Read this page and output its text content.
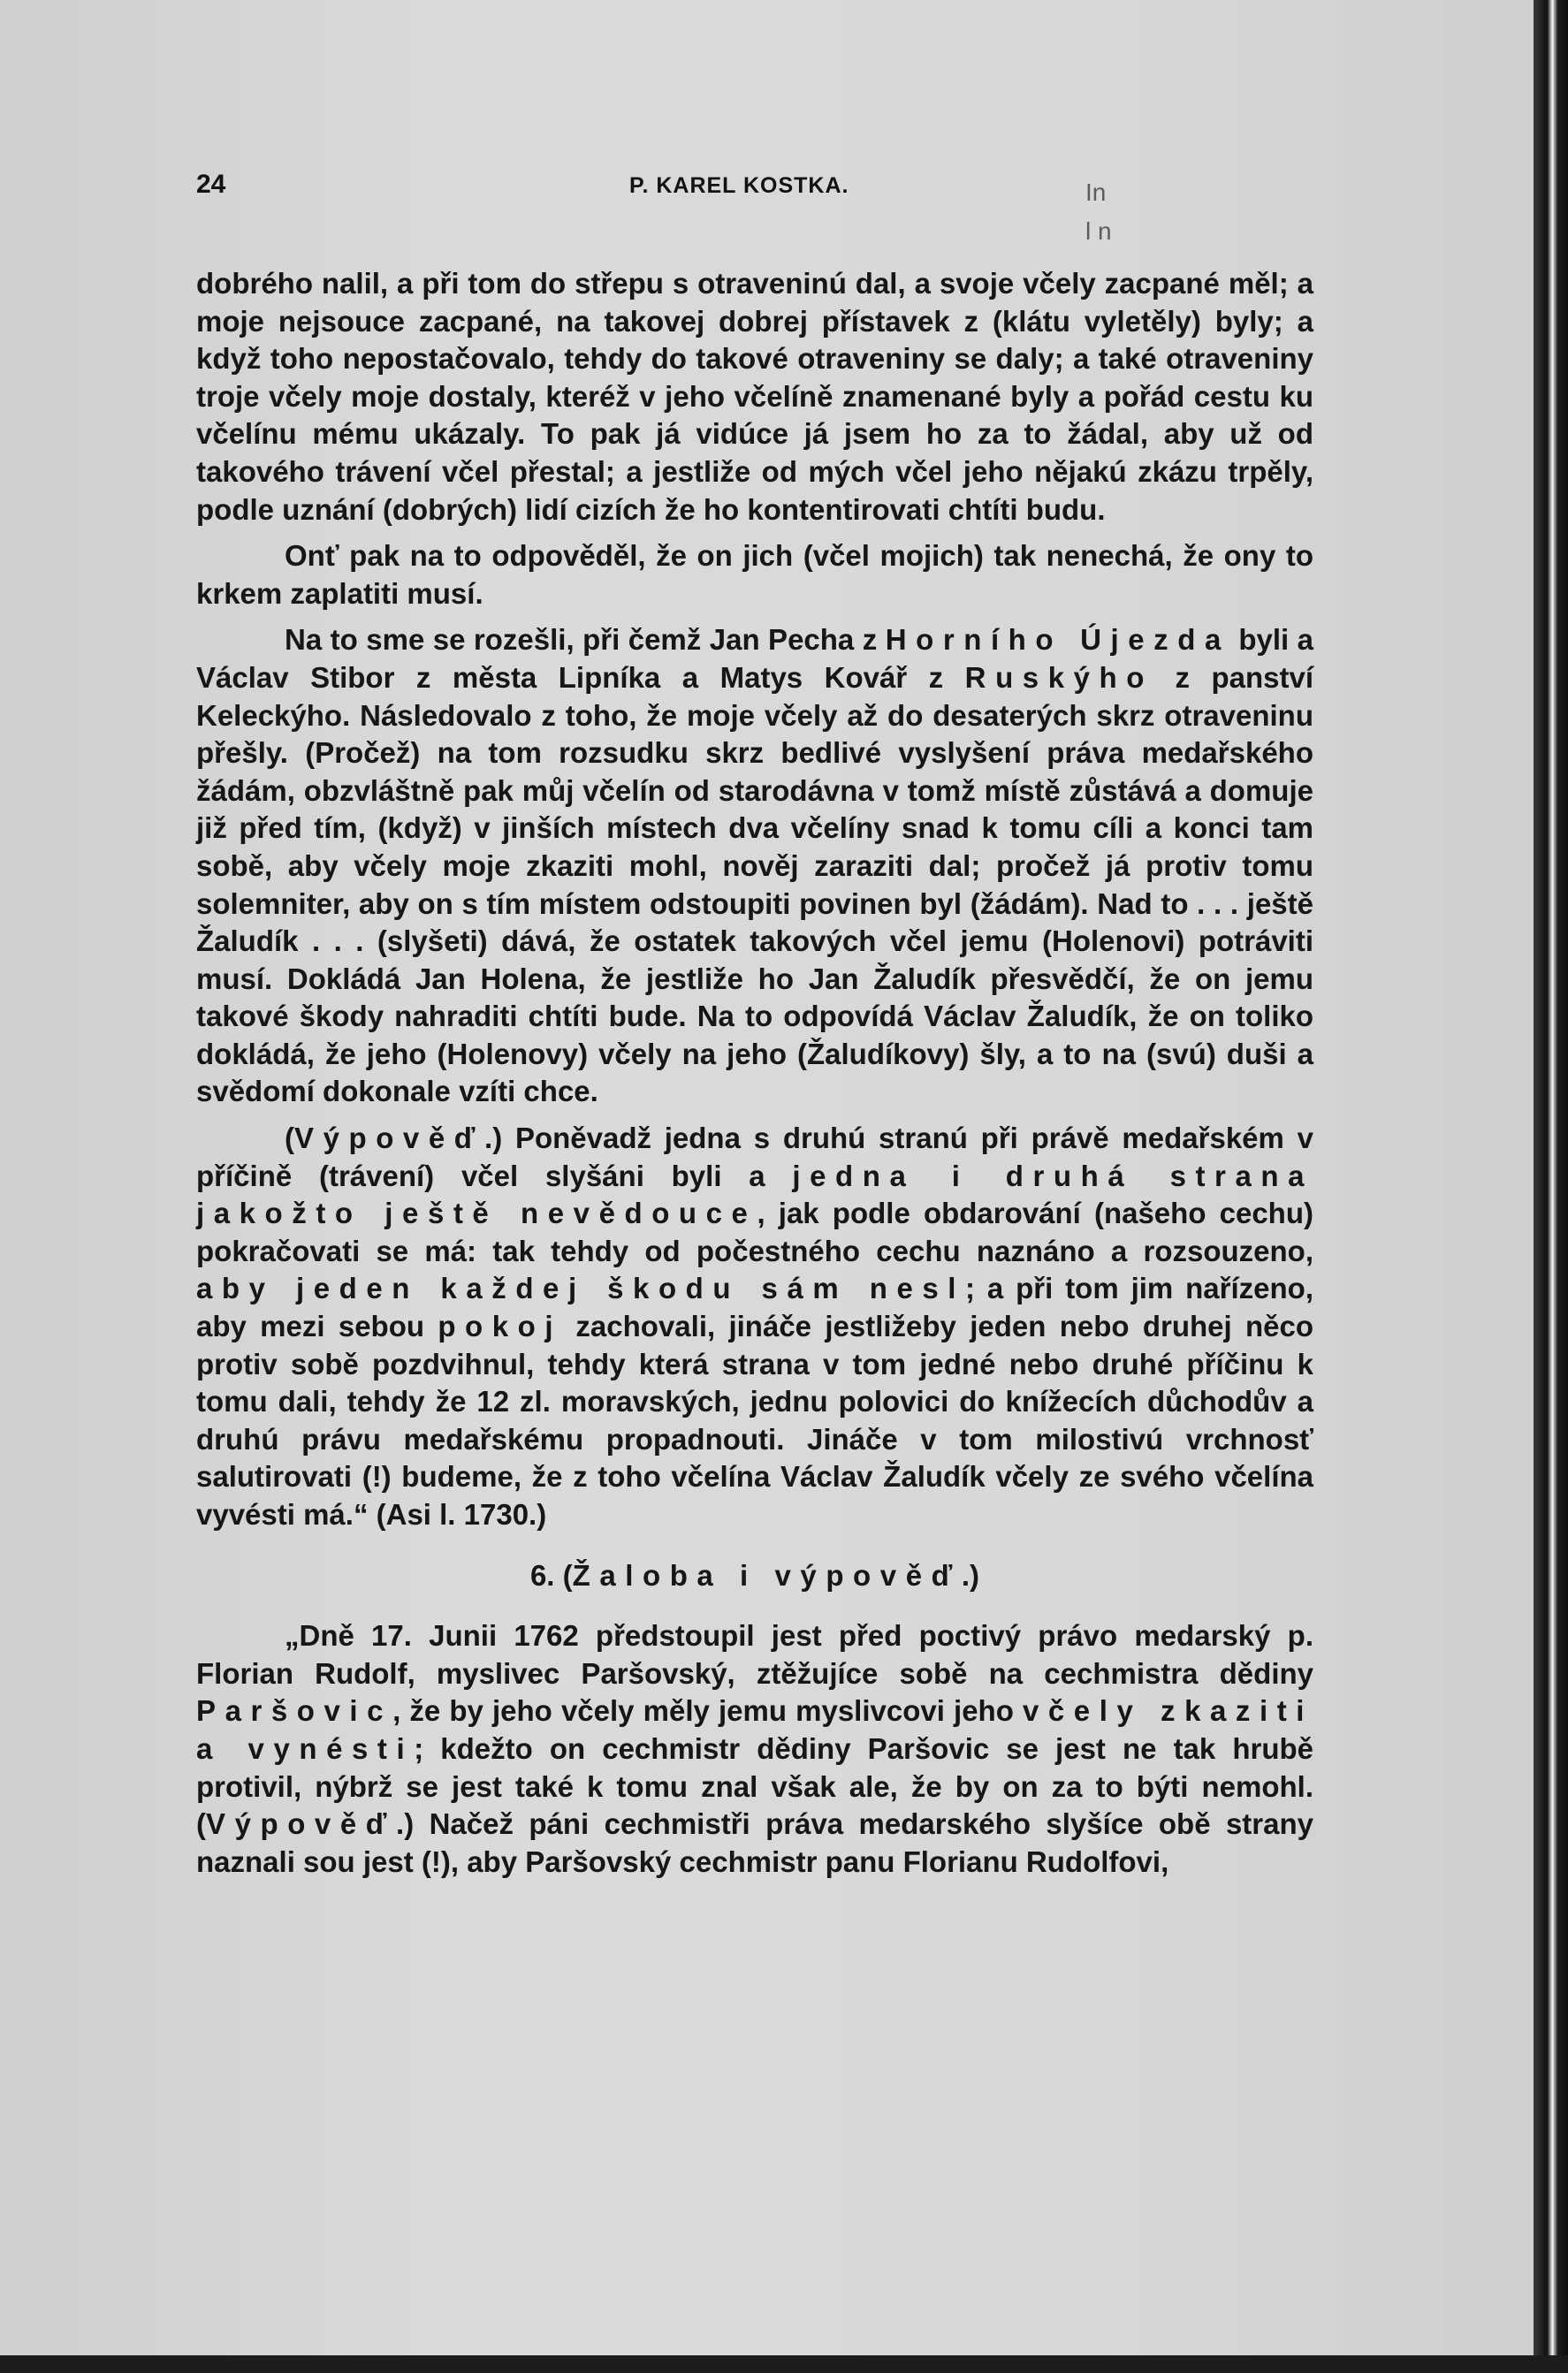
24	P. KAREL KOSTKA.	In
l n

dobrého nalil, a při tom do střepu s otraveninú dal, a svoje včely zacpané měl; a moje nejsouce zacpané, na takovej dobrej přístavek z (klátu vyletěly) byly; a když toho nepostačovalo, tehdy do takové otraveniny se daly; a také otraveniny troje včely moje dostaly, kteréž v jeho včelíně znamenané byly a pořád cestu ku včelínu mému ukázaly. To pak já vidúce já jsem ho za to žádal, aby už od takového trávení včel přestal; a jestliže od mých včel jeho nějakú zkázu trpěly, podle uznání (dobrých) lidí cizích že ho kontentirovati chtíti budu.

Onť pak na to odpověděl, že on jich (včel mojich) tak nenechá, že ony to krkem zaplatiti musí.

Na to sme se rozešli, při čemž Jan Pecha z Horního Újezda byli a Václav Stibor z města Lipníka a Matys Kovář z Ruskýho z panství Keleckýho. Následovalo z toho, že moje včely až do desaterých skrz otraveninu přešly. (Pročež) na tom rozsudku skrz bedlivé vyslyšení práva medařského žádám, obzvláštně pak můj včelín od starodávna v tomž místě zůstává a domuje již před tím, (když) v jinších místech dva včelíny snad k tomu cíli a konci tam sobě, aby včely moje zkaziti mohl, nověj zaraziti dal; pročež já protiv tomu solemniter, aby on s tím místem odstoupiti povinen byl (žádám). Nad to . . . ještě Žaludík . . . (slyšeti) dává, že ostatek takových včel jemu (Holenovi) potráviti musí. Dokládá Jan Holena, že jestliže ho Jan Žaludík přesvědčí, že on jemu takové škody nahraditi chtíti bude. Na to odpovídá Václav Žaludík, že on toliko dokládá, že jeho (Holenovy) včely na jeho (Žaludíkovy) šly, a to na (svú) duši a svědomí dokonale vzíti chce.

(Výpověď.) Poněvadž jedna s druhú stranú při právě medařském v příčině (trávení) včel slyšáni byli a jedna i druhá strana jakožto ještě nevědouce, jak podle obdarování (našeho cechu) pokračovati se má: tak tehdy od počestného cechu naznáno a rozsouzeno, aby jeden každej škodu sám nesl; a při tom jim nařízeno, aby mezi sebou pokoj zachovali, jináče jestližeby jeden nebo druhej něco protiv sobě pozdvihnul, tehdy která strana v tom jedné nebo druhé příčinu k tomu dali, tehdy že 12 zl. moravských, jednu polovici do knížecích důchodův a druhú právu medařskému propadnouti. Jináče v tom milostivú vrchnosť salutirovati (!) budeme, že z toho včelína Václav Žaludík včely ze svého včelína vyvésti má.“ (Asi l. 1730.)

6. (Žaloba i výpověď.)

„Dně 17. Junii 1762 předstoupil jest před poctivý právo medarský p. Florian Rudolf, myslivec Paršovský, ztěžujíce sobě na cechmistra dědiny Paršovic, že by jeho včely měly jemu myslivcovi jeho včely zkaziti a vynésti; kdežto on cechmistr dědiny Paršovic se jest ne tak hrubě protivil, nýbrž se jest také k tomu znal však ale, že by on za to býti nemohl. (Výpověď.) Načež páni cechmistři práva medarského slyšíce obě strany naznali sou jest (!), aby Paršovský cechmistr panu Florianu Rudolfovi,
